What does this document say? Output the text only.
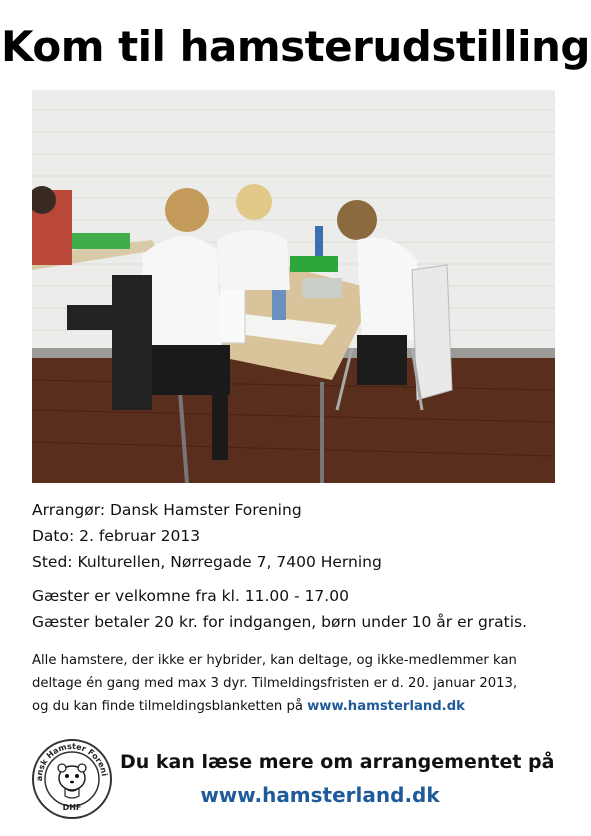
Kom til hamsterudstilling
Arrangør: Dansk Hamster Forening
Dato: 2. februar 2013
Sted: Kulturellen, Nørregade 7, 7400 Herning
Gæster er velkomne fra kl. 11.00 - 17.00
Gæster betaler 20 kr. for indgangen, børn under 10 år er gratis.
Alle hamstere, der ikke er hybrider, kan deltage, og ikke-medlemmer kan
deltage én gang med max 3 dyr. Tilmeldingsfristen er d. 20. januar 2013,
og du kan finde tilmeldingsblanketten på www.hamsterland.dk
ansk Hamster Foreni
DHF
Du kan læse mere om arrangementet på
www.hamsterland.dk
